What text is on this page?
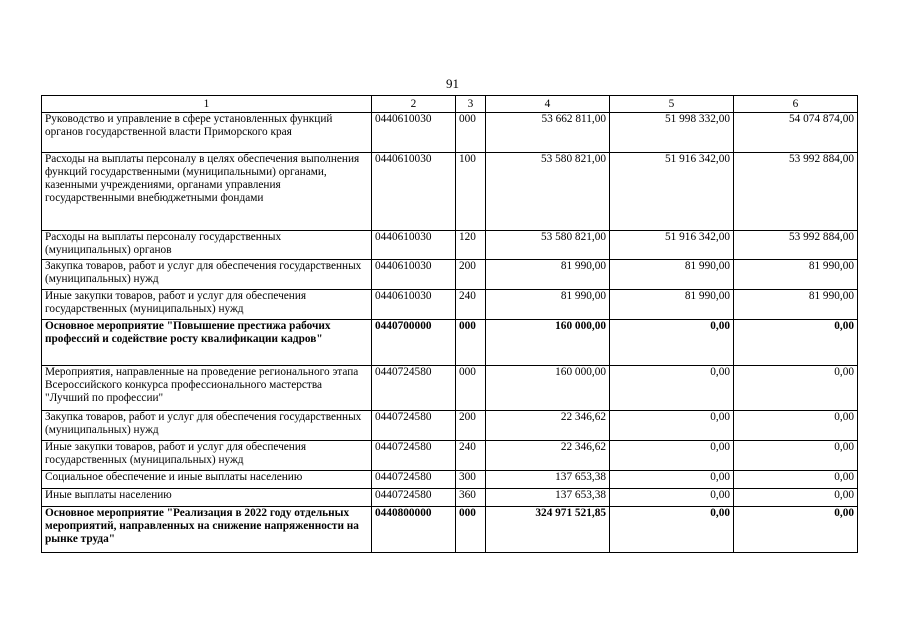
91
1	2	3	4	5	6
Руководство и управление в сфере установленных функций органов государственной власти Приморского края	0440610030	000	53 662 811,00	51 998 332,00	54 074 874,00
Расходы на выплаты персоналу в целях обеспечения выполнения функций государственными (муниципальными) органами, казенными учреждениями, органами управления государственными внебюджетными фондами	0440610030	100	53 580 821,00	51 916 342,00	53 992 884,00
Расходы на выплаты персоналу государственных (муниципальных) органов	0440610030	120	53 580 821,00	51 916 342,00	53 992 884,00
Закупка товаров, работ и услуг для обеспечения государственных (муниципальных) нужд	0440610030	200	81 990,00	81 990,00	81 990,00
Иные закупки товаров, работ и услуг для обеспечения государственных (муниципальных) нужд	0440610030	240	81 990,00	81 990,00	81 990,00
Основное мероприятие "Повышение престижа рабочих профессий и содействие росту квалификации кадров"	0440700000	000	160 000,00	0,00	0,00
Мероприятия, направленные на проведение регионального этапа Всероссийского конкурса профессионального мастерства "Лучший по профессии"	0440724580	000	160 000,00	0,00	0,00
Закупка товаров, работ и услуг для обеспечения государственных (муниципальных) нужд	0440724580	200	22 346,62	0,00	0,00
Иные закупки товаров, работ и услуг для обеспечения государственных (муниципальных) нужд	0440724580	240	22 346,62	0,00	0,00
Социальное обеспечение и иные выплаты населению	0440724580	300	137 653,38	0,00	0,00
Иные выплаты населению	0440724580	360	137 653,38	0,00	0,00
Основное мероприятие "Реализация в 2022 году отдельных мероприятий, направленных на снижение напряженности на рынке труда"	0440800000	000	324 971 521,85	0,00	0,00
